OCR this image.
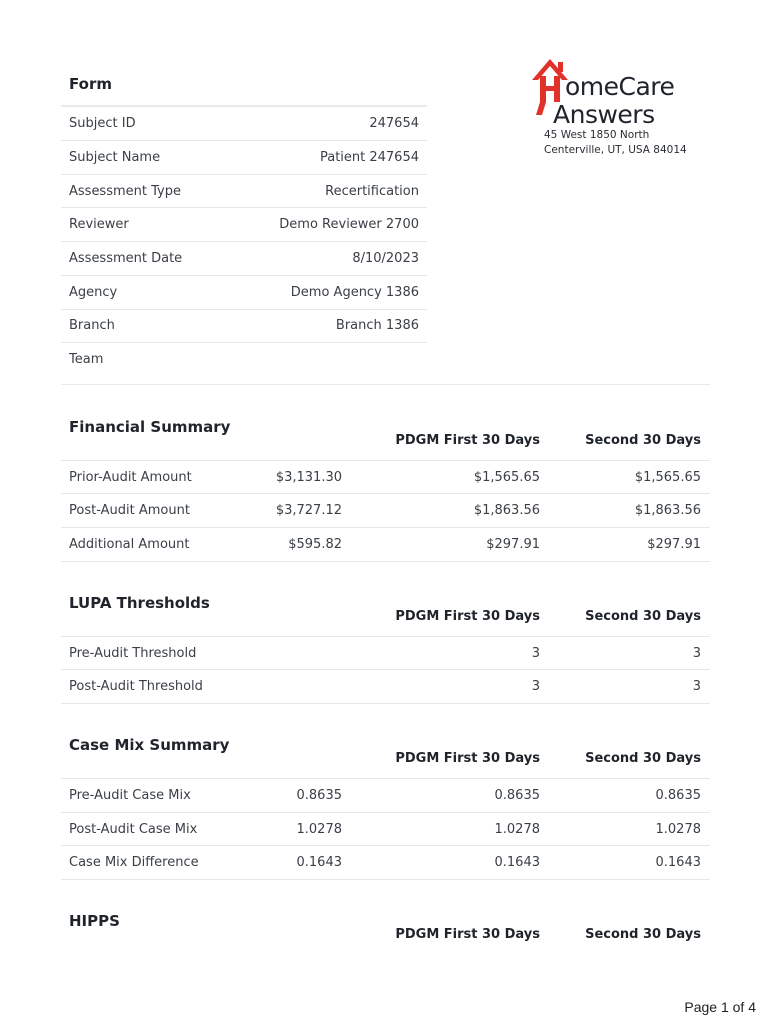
Form
Subject ID	247654
Subject Name	Patient 247654
Assessment Type	Recertification
Reviewer	Demo Reviewer 2700
Assessment Date	8/10/2023
Agency	Demo Agency 1386
Branch	Branch 1386
Team
omeCare
Answers
45 West 1850 North
Centerville, UT, USA 84014
Financial Summary
PDGM First 30 Days	Second 30 Days
Prior-Audit Amount	$3,131.30	$1,565.65	$1,565.65
Post-Audit Amount	$3,727.12	$1,863.56	$1,863.56
Additional Amount	$595.82	$297.91	$297.91
LUPA Thresholds
PDGM First 30 Days	Second 30 Days
Pre-Audit Threshold	3	3
Post-Audit Threshold	3	3
Case Mix Summary
PDGM First 30 Days	Second 30 Days
Pre-Audit Case Mix	0.8635	0.8635	0.8635
Post-Audit Case Mix	1.0278	1.0278	1.0278
Case Mix Difference	0.1643	0.1643	0.1643
HIPPS
PDGM First 30 Days	Second 30 Days
Page 1 of 4
